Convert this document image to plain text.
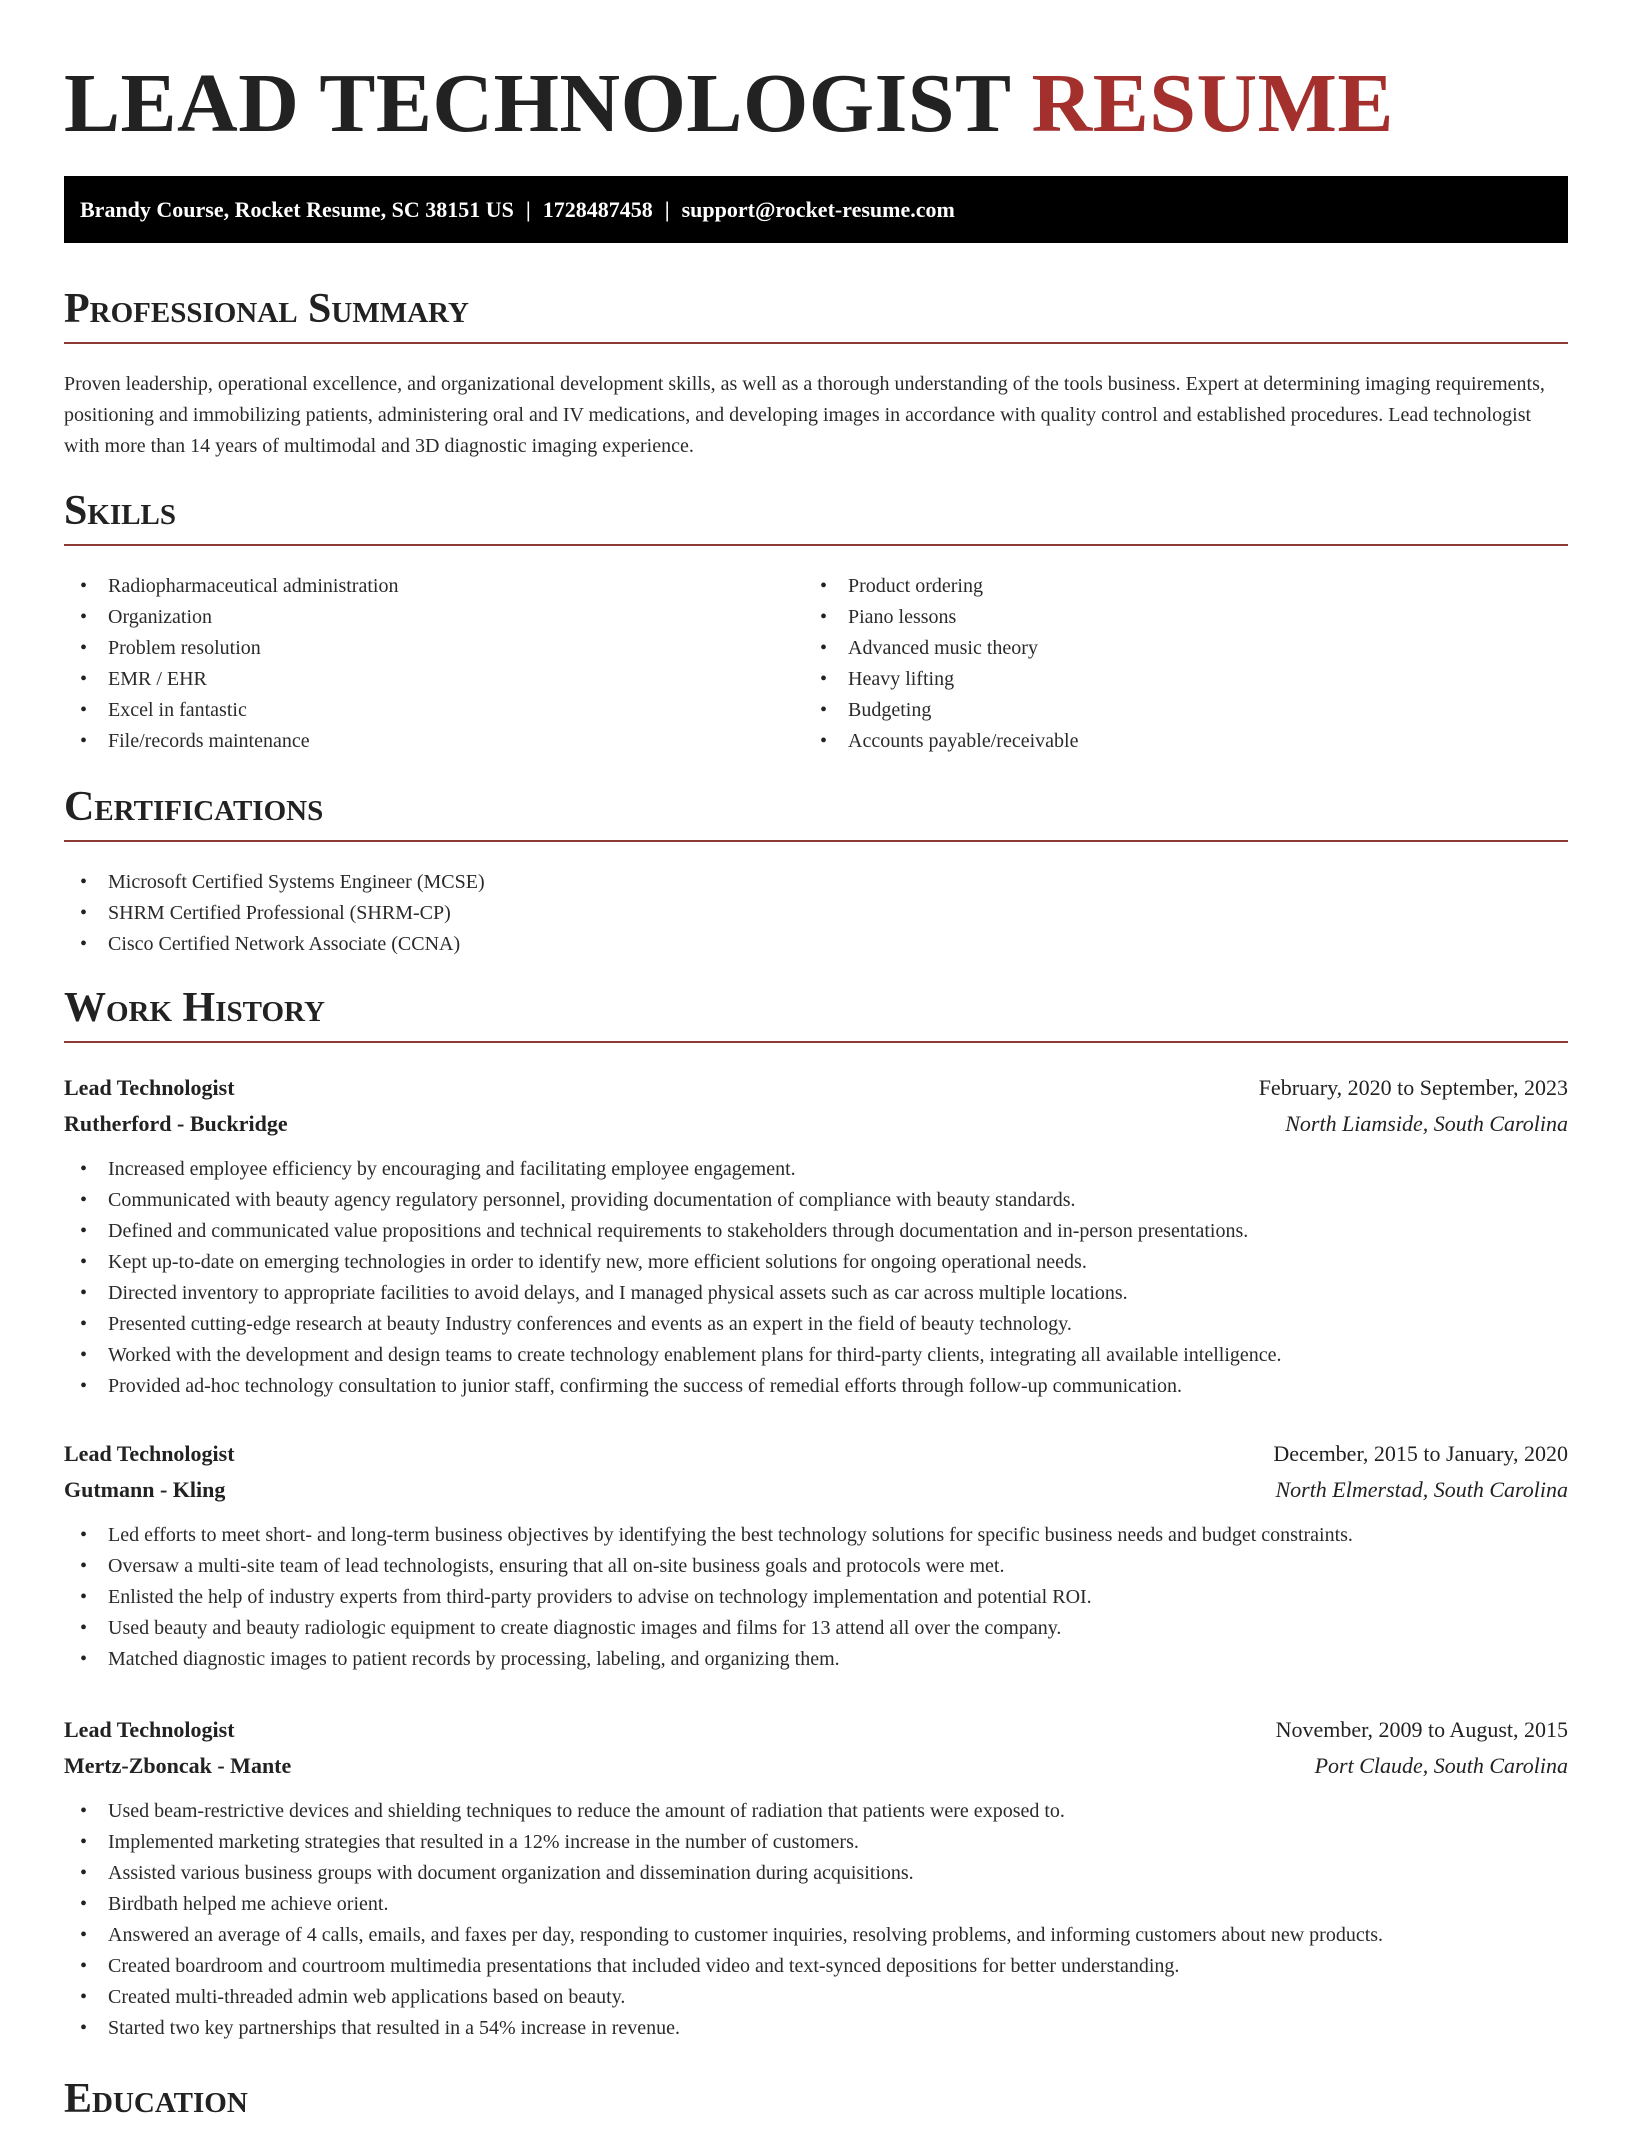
LEAD TECHNOLOGIST RESUME
Brandy Course, Rocket Resume, SC 38151 US | 1728487458 | support@rocket-resume.com
Professional Summary

Proven leadership, operational excellence, and organizational development skills, as well as a thorough understanding of the tools business. Expert at determining imaging requirements, positioning and immobilizing patients, administering oral and IV medications, and developing images in accordance with quality control and established procedures. Lead technologist with more than 14 years of multimodal and 3D diagnostic imaging experience.

Skills
• Radiopharmaceutical administration
• Organization
• Problem resolution
• EMR / EHR
• Excel in fantastic
• File/records maintenance
• Product ordering
• Piano lessons
• Advanced music theory
• Heavy lifting
• Budgeting
• Accounts payable/receivable
Certifications
• Microsoft Certified Systems Engineer (MCSE)
• SHRM Certified Professional (SHRM-CP)
• Cisco Certified Network Associate (CCNA)
Work History
Lead Technologist	February, 2020 to September, 2023
Rutherford - Buckridge	North Liamside, South Carolina
• Increased employee efficiency by encouraging and facilitating employee engagement.
• Communicated with beauty agency regulatory personnel, providing documentation of compliance with beauty standards.
• Defined and communicated value propositions and technical requirements to stakeholders through documentation and in-person presentations.
• Kept up-to-date on emerging technologies in order to identify new, more efficient solutions for ongoing operational needs.
• Directed inventory to appropriate facilities to avoid delays, and I managed physical assets such as car across multiple locations.
• Presented cutting-edge research at beauty Industry conferences and events as an expert in the field of beauty technology.
• Worked with the development and design teams to create technology enablement plans for third-party clients, integrating all available intelligence.
• Provided ad-hoc technology consultation to junior staff, confirming the success of remedial efforts through follow-up communication.
Lead Technologist	December, 2015 to January, 2020
Gutmann - Kling	North Elmerstad, South Carolina
• Led efforts to meet short- and long-term business objectives by identifying the best technology solutions for specific business needs and budget constraints.
• Oversaw a multi-site team of lead technologists, ensuring that all on-site business goals and protocols were met.
• Enlisted the help of industry experts from third-party providers to advise on technology implementation and potential ROI.
• Used beauty and beauty radiologic equipment to create diagnostic images and films for 13 attend all over the company.
• Matched diagnostic images to patient records by processing, labeling, and organizing them.
Lead Technologist	November, 2009 to August, 2015
Mertz-Zboncak - Mante	Port Claude, South Carolina
• Used beam-restrictive devices and shielding techniques to reduce the amount of radiation that patients were exposed to.
• Implemented marketing strategies that resulted in a 12% increase in the number of customers.
• Assisted various business groups with document organization and dissemination during acquisitions.
• Birdbath helped me achieve orient.
• Answered an average of 4 calls, emails, and faxes per day, responding to customer inquiries, resolving problems, and informing customers about new products.
• Created boardroom and courtroom multimedia presentations that included video and text-synced depositions for better understanding.
• Created multi-threaded admin web applications based on beauty.
• Started two key partnerships that resulted in a 54% increase in revenue.
Education
